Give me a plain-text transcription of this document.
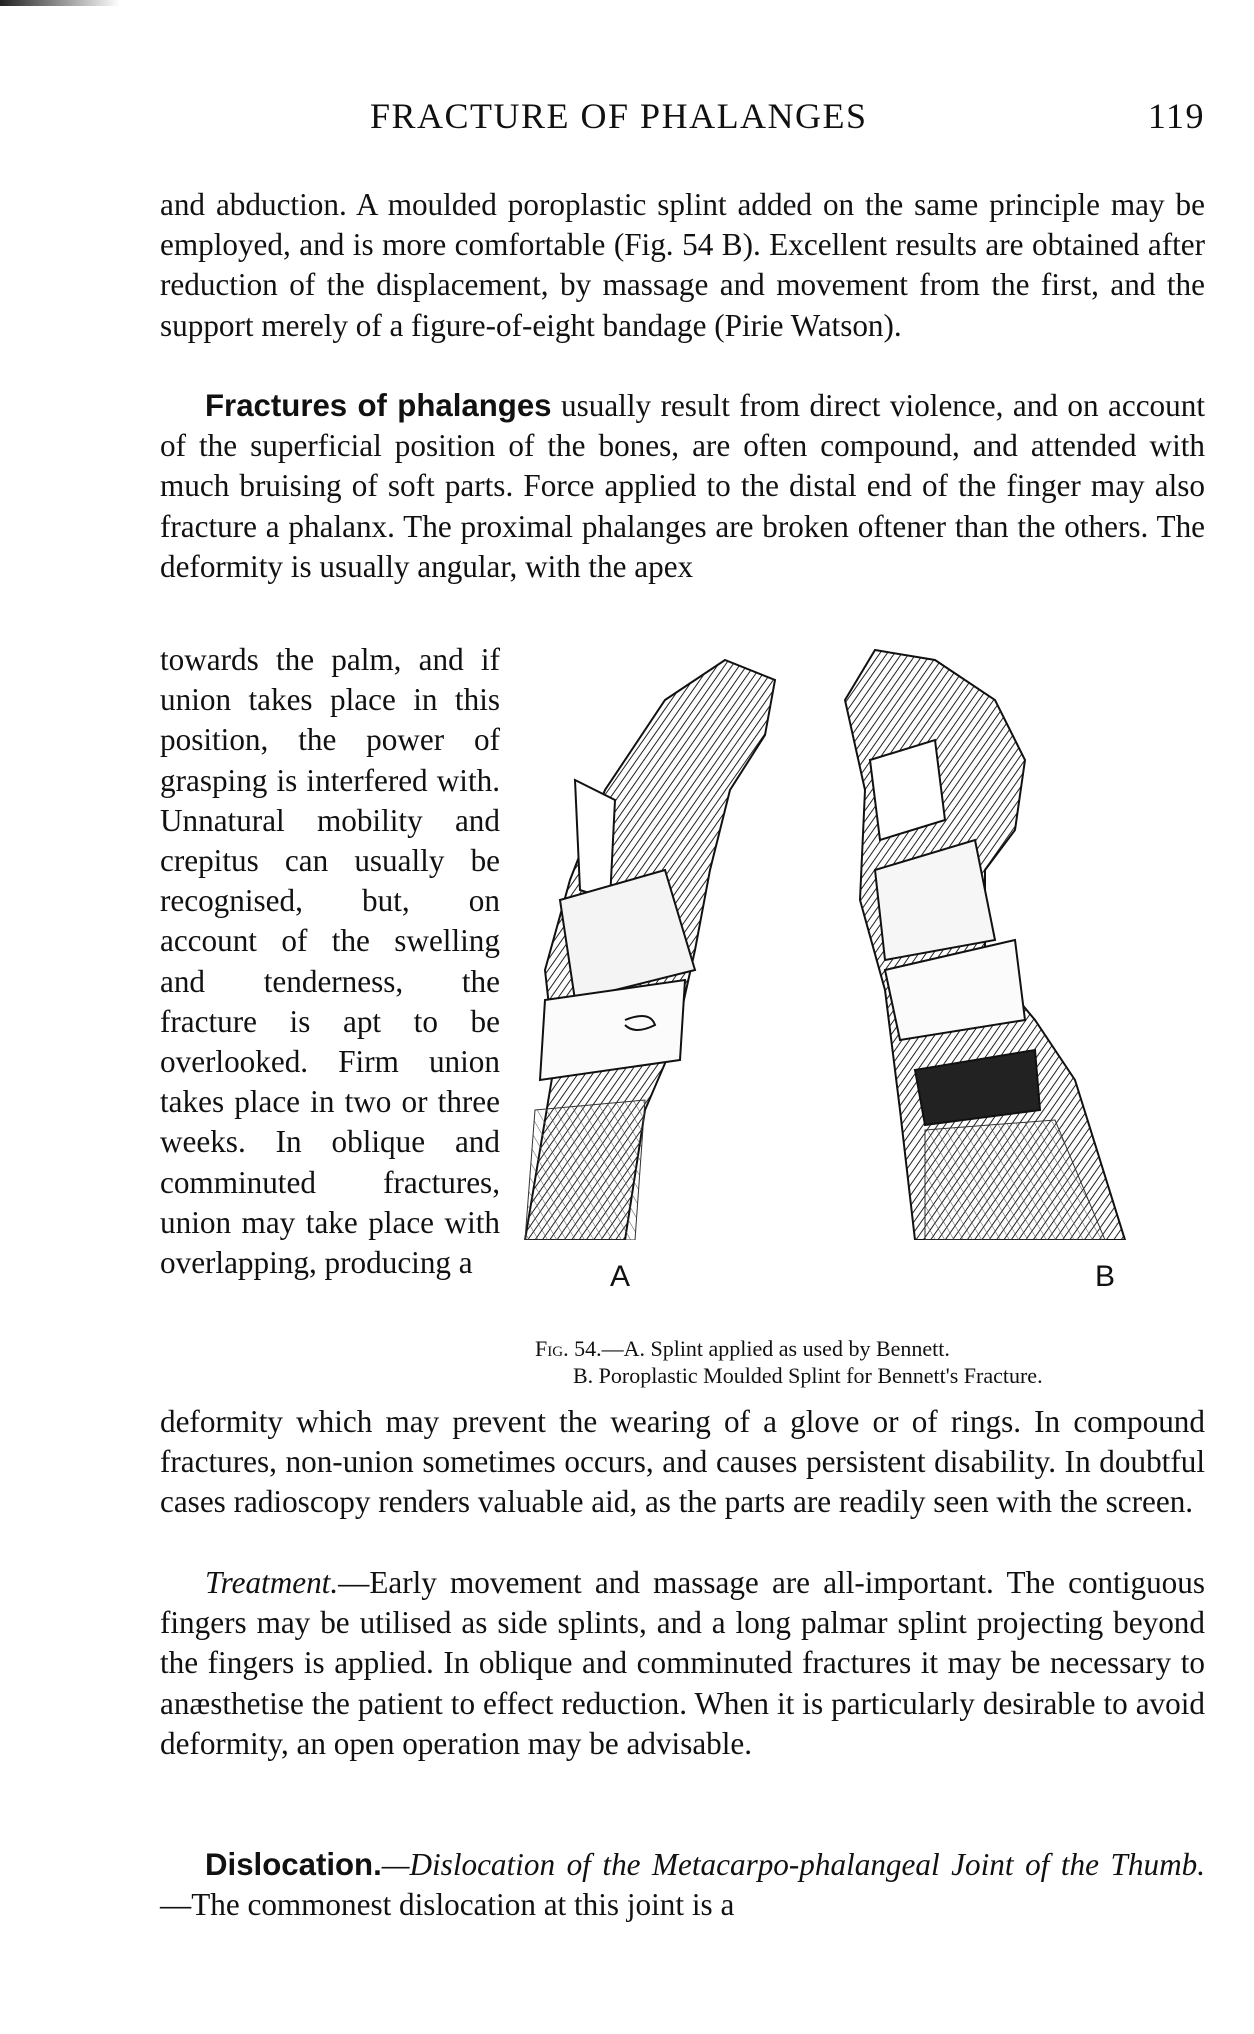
FRACTURE OF PHALANGES	119
and abduction. A moulded poroplastic splint added on the same principle may be employed, and is more comfortable (Fig. 54 B). Excellent results are obtained after reduction of the displacement, by massage and movement from the first, and the support merely of a figure-of-eight bandage (Pirie Watson).
Fractures of phalanges usually result from direct violence, and on account of the superficial position of the bones, are often compound, and attended with much bruising of soft parts. Force applied to the distal end of the finger may also fracture a phalanx. The proximal phalanges are broken oftener than the others. The deformity is usually angular, with the apex
towards the palm, and if union takes place in this position, the power of grasping is interfered with. Unnatural mobility and crepitus can usually be recognised, but, on account of the swelling and tenderness, the fracture is apt to be overlooked. Firm union takes place in two or three weeks. In oblique and comminuted fractures, union may take place with overlapping, producing a	A	B
Fig. 54.—A. Splint applied as used by Bennett.
B. Poroplastic Moulded Splint for Bennett's Fracture.
deformity which may prevent the wearing of a glove or of rings. In compound fractures, non-union sometimes occurs, and causes persistent disability. In doubtful cases radioscopy renders valuable aid, as the parts are readily seen with the screen.
Treatment.—Early movement and massage are all-important. The contiguous fingers may be utilised as side splints, and a long palmar splint projecting beyond the fingers is applied. In oblique and comminuted fractures it may be necessary to anæsthetise the patient to effect reduction. When it is particularly desirable to avoid deformity, an open operation may be advisable.
Dislocation.—Dislocation of the Metacarpo-phalangeal Joint of the Thumb.—The commonest dislocation at this joint is a
